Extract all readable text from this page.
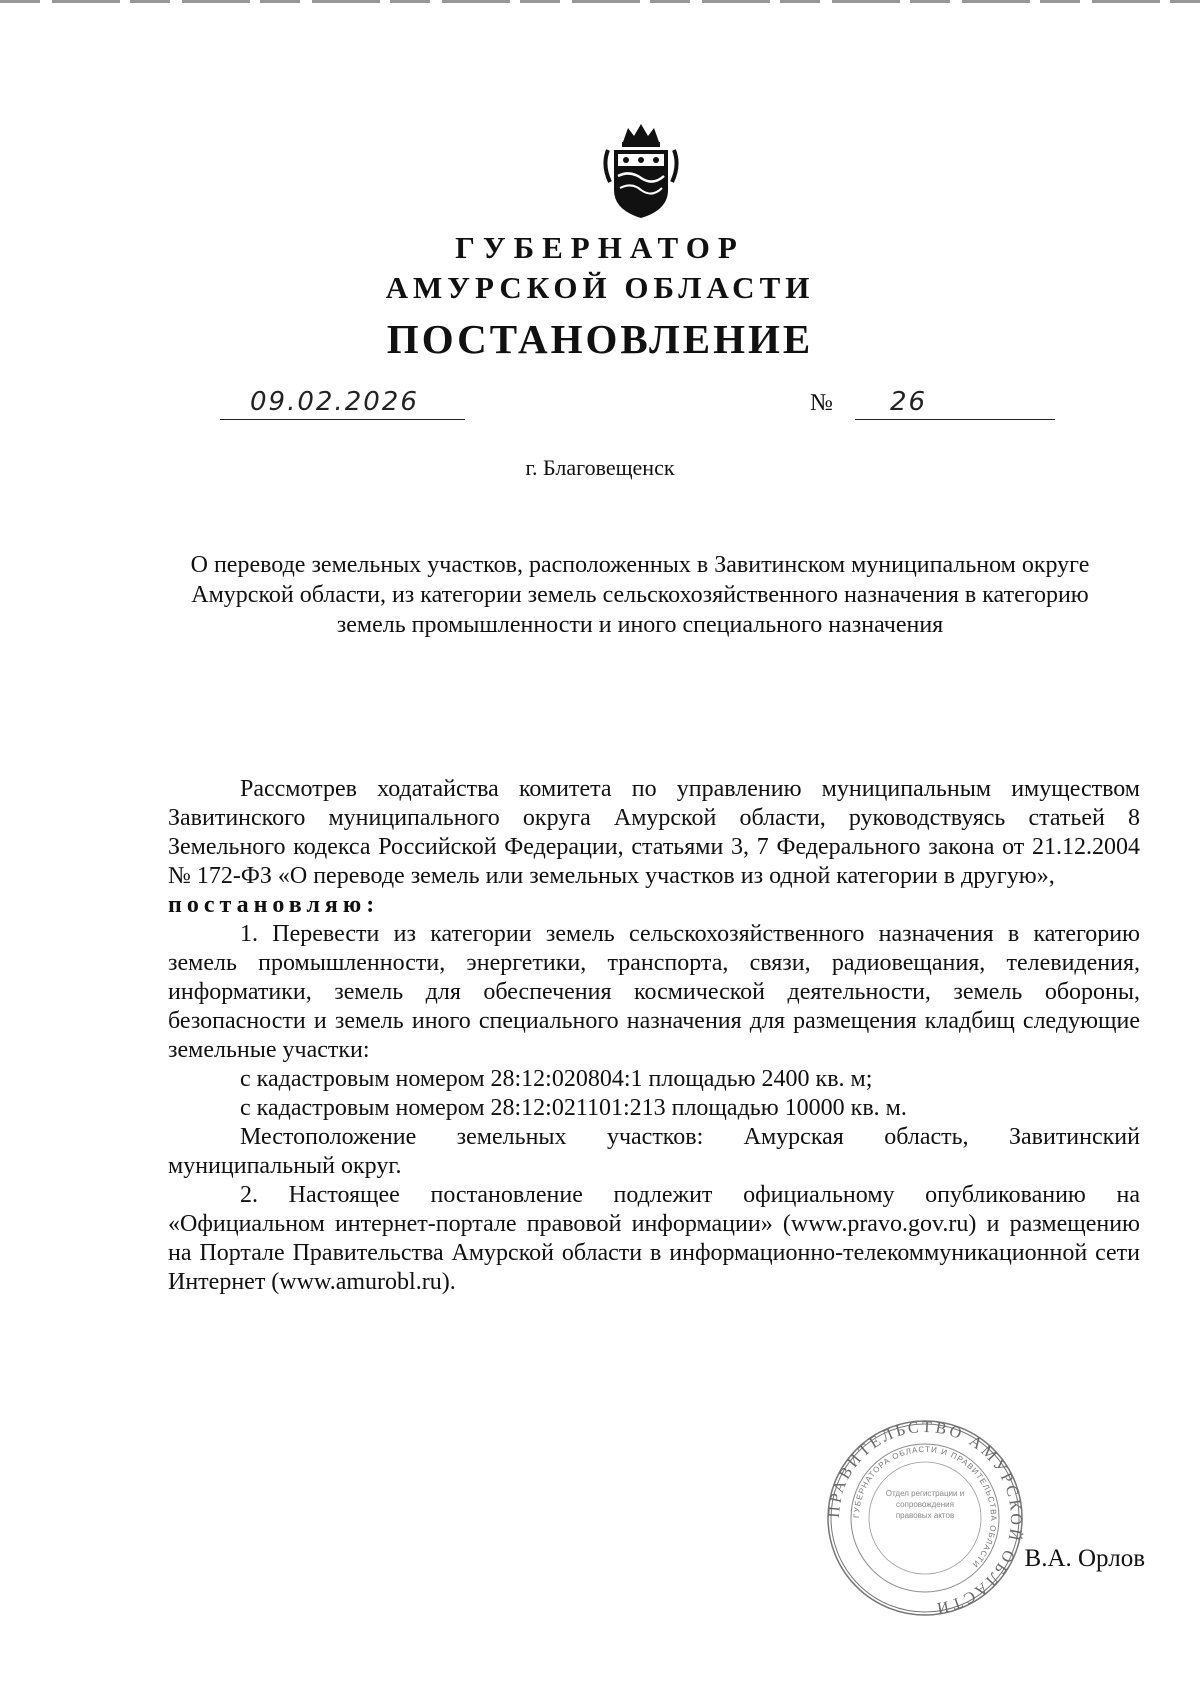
ГУБЕРНАТОР
АМУРСКОЙ ОБЛАСТИ
ПОСТАНОВЛЕНИЕ
09.02.2026	№ 26
г. Благовещенск
О переводе земельных участков, расположенных в Завитинском муниципальном округе Амурской области, из категории земель сельскохозяйственного назначения в категорию земель промышленности и иного специального назначения

Рассмотрев ходатайства комитета по управлению муниципальным имуществом Завитинского муниципального округа Амурской области, руководствуясь статьей 8 Земельного кодекса Российской Федерации, статьями 3, 7 Федерального закона от 21.12.2004 № 172-ФЗ «О переводе земель или земельных участков из одной категории в другую»,

постановляю:

1. Перевести из категории земель сельскохозяйственного назначения в категорию земель промышленности, энергетики, транспорта, связи, радиовещания, телевидения, информатики, земель для обеспечения космической деятельности, земель обороны, безопасности и земель иного специального назначения для размещения кладбищ следующие земельные участки:

с кадастровым номером 28:12:020804:1 площадью 2400 кв. м;

с кадастровым номером 28:12:021101:213 площадью 10000 кв. м.

Местоположение земельных участков: Амурская область, Завитинский муниципальный округ.

2. Настоящее постановление подлежит официальному опубликованию на «Официальном интернет-портале правовой информации» (www.pravo.gov.ru) и размещению на Портале Правительства Амурской области в информационно-телекоммуникационной сети Интернет (www.amurobl.ru).

ПРАВИТЕЛЬСТВО АМУРСКОЙ ОБЛАСТИ
ГУБЕРНАТОРА ОБЛАСТИ И ПРАВИТЕЛЬСТВА ОБЛАСТИ
Отдел регистрации и сопровождения правовых актов
В.А. Орлов
